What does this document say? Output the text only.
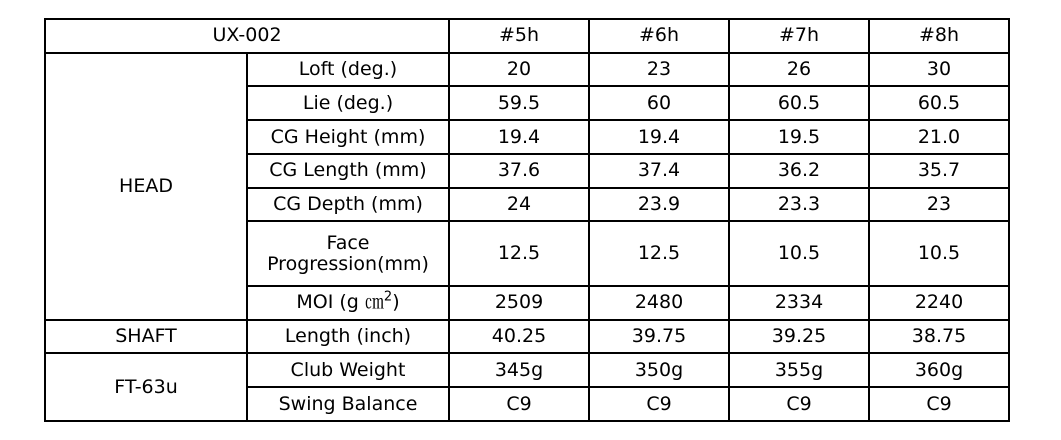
UX-002		#5h	#6h	#7h	#8h
HEAD	Loft (deg.)	20	23	26	30
	Lie (deg.)	59.5	60	60.5	60.5
	CG Height (mm)	19.4	19.4	19.5	21.0
	CG Length (mm)	37.6	37.4	36.2	35.7
	CG Depth (mm)	24	23.9	23.3	23
	Face Progression(mm)	12.5	12.5	10.5	10.5
	MOI (g ㎝$^2$)	2509	2480	2334	2240
SHAFT	Length (inch)	40.25	39.75	39.25	38.75
FT-63u	Club Weight	345g	350g	355g	360g
	Swing Balance	C9	C9	C9	C9
